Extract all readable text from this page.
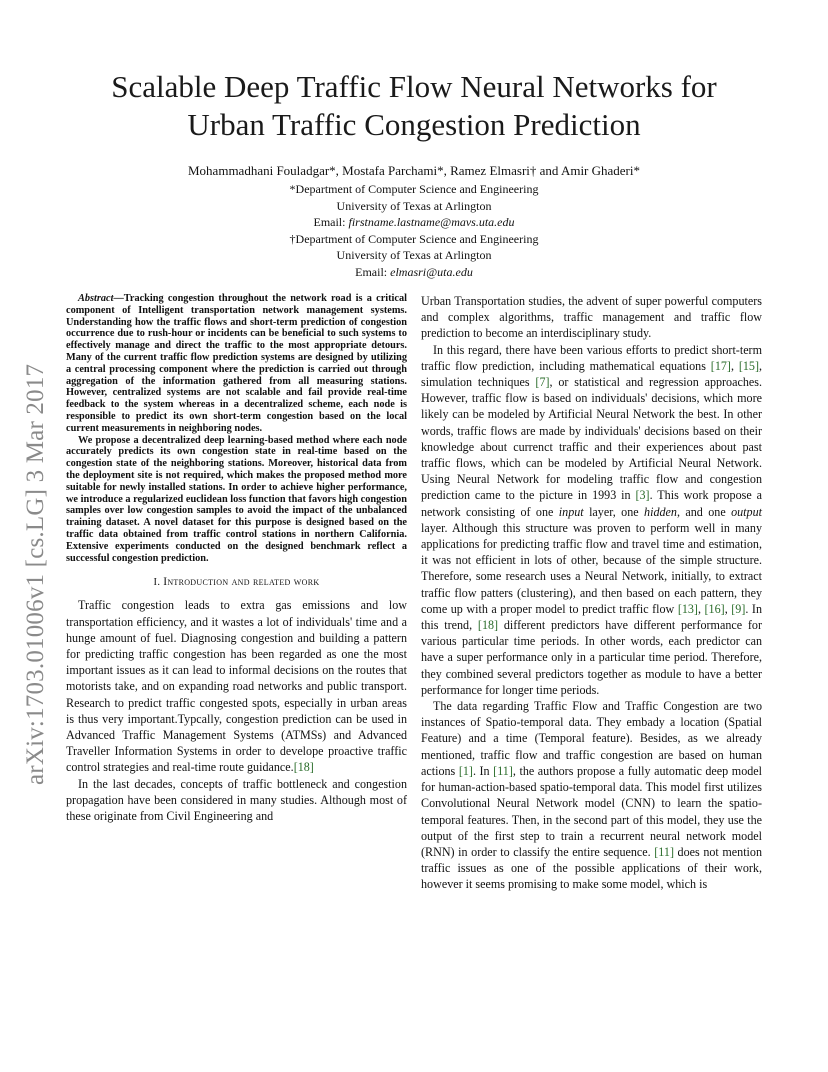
Scalable Deep Traffic Flow Neural Networks for
Urban Traffic Congestion Prediction
Mohammadhani Fouladgar*, Mostafa Parchami*, Ramez Elmasri† and Amir Ghaderi*
*Department of Computer Science and Engineering
University of Texas at Arlington
Email: firstname.lastname@mavs.uta.edu
†Department of Computer Science and Engineering
University of Texas at Arlington
Email: elmasri@uta.edu
arXiv:1703.01006v1 [cs.LG] 3 Mar 2017

Abstract—Tracking congestion throughout the network road is a critical component of Intelligent transportation network management systems. Understanding how the traffic flows and short-term prediction of congestion occurrence due to rush-hour or incidents can be beneficial to such systems to effectively manage and direct the traffic to the most appropriate detours. Many of the current traffic flow prediction systems are designed by utilizing a central processing component where the prediction is carried out through aggregation of the information gathered from all measuring stations. However, centralized systems are not scalable and fail provide real-time feedback to the system whereas in a decentralized scheme, each node is responsible to predict its own short-term congestion based on the local current measurements in neighboring nodes.

We propose a decentralized deep learning-based method where each node accurately predicts its own congestion state in real-time based on the congestion state of the neighboring stations. Moreover, historical data from the deployment site is not required, which makes the proposed method more suitable for newly installed stations. In order to achieve higher performance, we introduce a regularized euclidean loss function that favors high congestion samples over low congestion samples to avoid the impact of the unbalanced training dataset. A novel dataset for this purpose is designed based on the traffic data obtained from traffic control stations in northern California. Extensive experiments conducted on the designed benchmark reflect a successful congestion prediction.

I. Introduction and related work

Traffic congestion leads to extra gas emissions and low transportation efficiency, and it wastes a lot of individuals' time and a hunge amount of fuel. Diagnosing congestion and building a pattern for predicting traffic congestion has been regarded as one the most important issues as it can lead to informal decisions on the routes that motorists take, and on expanding road networks and public transport. Research to predict traffic congested spots, especially in urban areas is thus very important.Typcally, congestion prediction can be used in Advanced Traffic Management Systems (ATMSs) and Advanced Traveller Information Systems in order to develope proactive traffic control strategies and real-time route guidance.[18]

In the last decades, concepts of traffic bottleneck and congestion propagation have been considered in many studies. Although most of these originate from Civil Engineering and

Urban Transportation studies, the advent of super powerful computers and complex algorithms, traffic management and traffic flow prediction to become an interdisciplinary study.

In this regard, there have been various efforts to predict short-term traffic flow prediction, including mathematical equations [17], [15], simulation techniques [7], or statistical and regression approaches. However, traffic flow is based on individuals' decisions, which more likely can be modeled by Artificial Neural Network the best. In other words, traffic flows are made by individuals' decisions based on their knowledge about currenct traffic and their experiences about past traffic flows, which can be modeled by Artificial Neural Network. Using Neural Network for modeling traffic flow and congestion prediction came to the picture in 1993 in [3]. This work propose a network consisting of one input layer, one hidden, and one output layer. Although this structure was proven to perform well in many applications for predicting traffic flow and travel time and estimation, it was not efficient in lots of other, because of the simple structure. Therefore, some research uses a Neural Network, initially, to extract traffic flow patters (clustering), and then based on each pattern, they come up with a proper model to predict traffic flow [13], [16], [9]. In this trend, [18] different predictors have different performance for various particular time periods. In other words, each predictor can have a super performance only in a particular time period. Therefore, they combined several predictors together as module to have a better performance for longer time periods.

The data regarding Traffic Flow and Traffic Congestion are two instances of Spatio-temporal data. They embady a location (Spatial Feature) and a time (Temporal feature). Besides, as we already mentioned, traffic flow and traffic congestion are based on human actions [1]. In [11], the authors propose a fully automatic deep model for human-action-based spatio-temporal data. This model first utilizes Convolutional Neural Network model (CNN) to learn the spatio-temporal features. Then, in the second part of this model, they use the output of the first step to train a recurrent neural network model (RNN) in order to classify the entire sequence. [11] does not mention traffic issues as one of the possible applications of their work, however it seems promising to make some model, which is
